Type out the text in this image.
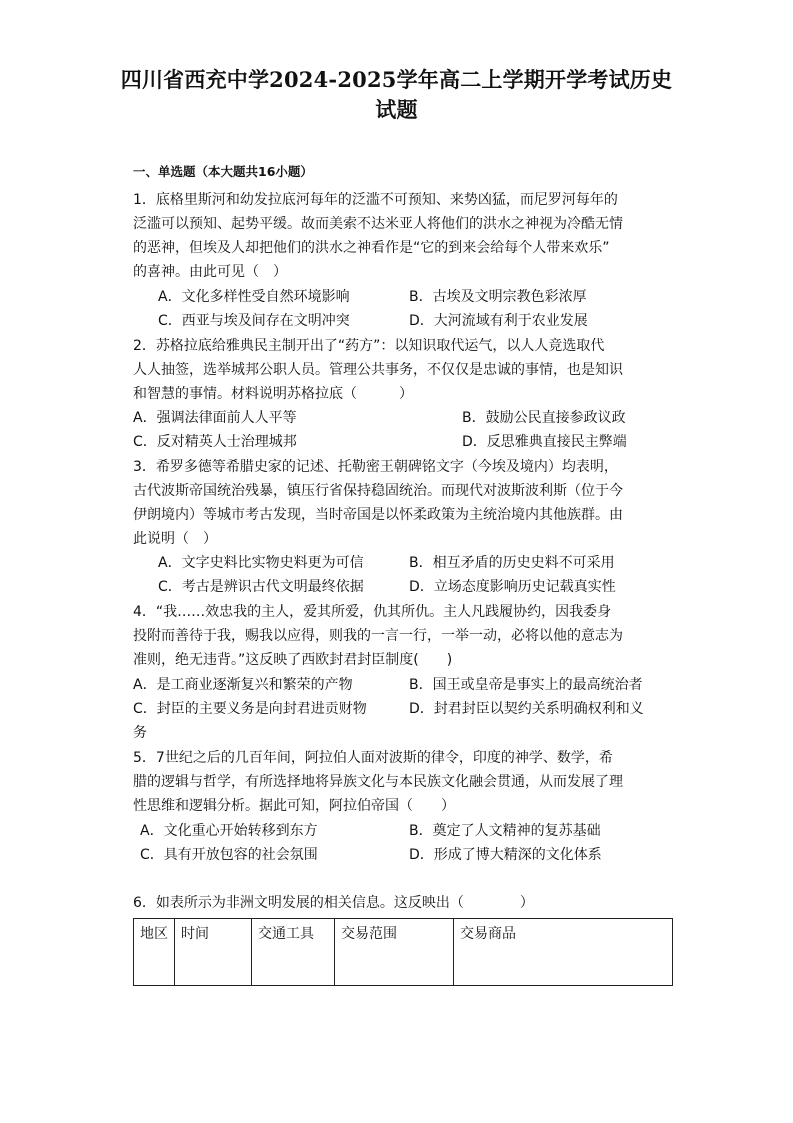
四川省西充中学2024-2025学年高二上学期开学考试历史
试题
一、单选题（本大题共16小题）
1．底格里斯河和幼发拉底河每年的泛滥不可预知、来势凶猛，而尼罗河每年的
泛滥可以预知、起势平缓。故而美索不达米亚人将他们的洪水之神视为冷酷无情
的恶神，但埃及人却把他们的洪水之神看作是“它的到来会给每个人带来欢乐”
的喜神。由此可见（　）
A．文化多样性受自然环境影响	B．古埃及文明宗教色彩浓厚
C．西亚与埃及间存在文明冲突	D．大河流域有利于农业发展
2．苏格拉底给雅典民主制开出了“药方”：以知识取代运气，以人人竞选取代
人人抽签，选举城邦公职人员。管理公共事务，不仅仅是忠诚的事情，也是知识
和智慧的事情。材料说明苏格拉底（　　　）
A．强调法律面前人人平等	B．鼓励公民直接参政议政
C．反对精英人士治理城邦	D．反思雅典直接民主弊端
3．希罗多德等希腊史家的记述、托勒密王朝碑铭文字（今埃及境内）均表明，
古代波斯帝国统治残暴，镇压行省保持稳固统治。而现代对波斯波利斯（位于今
伊朗境内）等城市考古发现，当时帝国是以怀柔政策为主统治境内其他族群。由
此说明（　）
A．文字史料比实物史料更为可信	B．相互矛盾的历史史料不可采用
C．考古是辨识古代文明最终依据	D．立场态度影响历史记载真实性
4．“我……效忠我的主人，爱其所爱，仇其所仇。主人凡践履协约，因我委身
投附而善待于我，赐我以应得，则我的一言一行，一举一动，必将以他的意志为
准则，绝无违背。”这反映了西欧封君封臣制度(　　)
A．是工商业逐渐复兴和繁荣的产物	B．国王或皇帝是事实上的最高统治者
C．封臣的主要义务是向封君进贡财物	D．封君封臣以契约关系明确权利和义
务
5．7世纪之后的几百年间，阿拉伯人面对波斯的律令，印度的神学、数学，希
腊的逻辑与哲学，有所选择地将异族文化与本民族文化融会贯通，从而发展了理
性思维和逻辑分析。据此可知，阿拉伯帝国（　　）
A．文化重心开始转移到东方	B．奠定了人文精神的复苏基础
C．具有开放包容的社会氛围	D．形成了博大精深的文化体系
6．如表所示为非洲文明发展的相关信息。这反映出（　　　　）
地区	时间	交通工具	交易范围	交易商品
